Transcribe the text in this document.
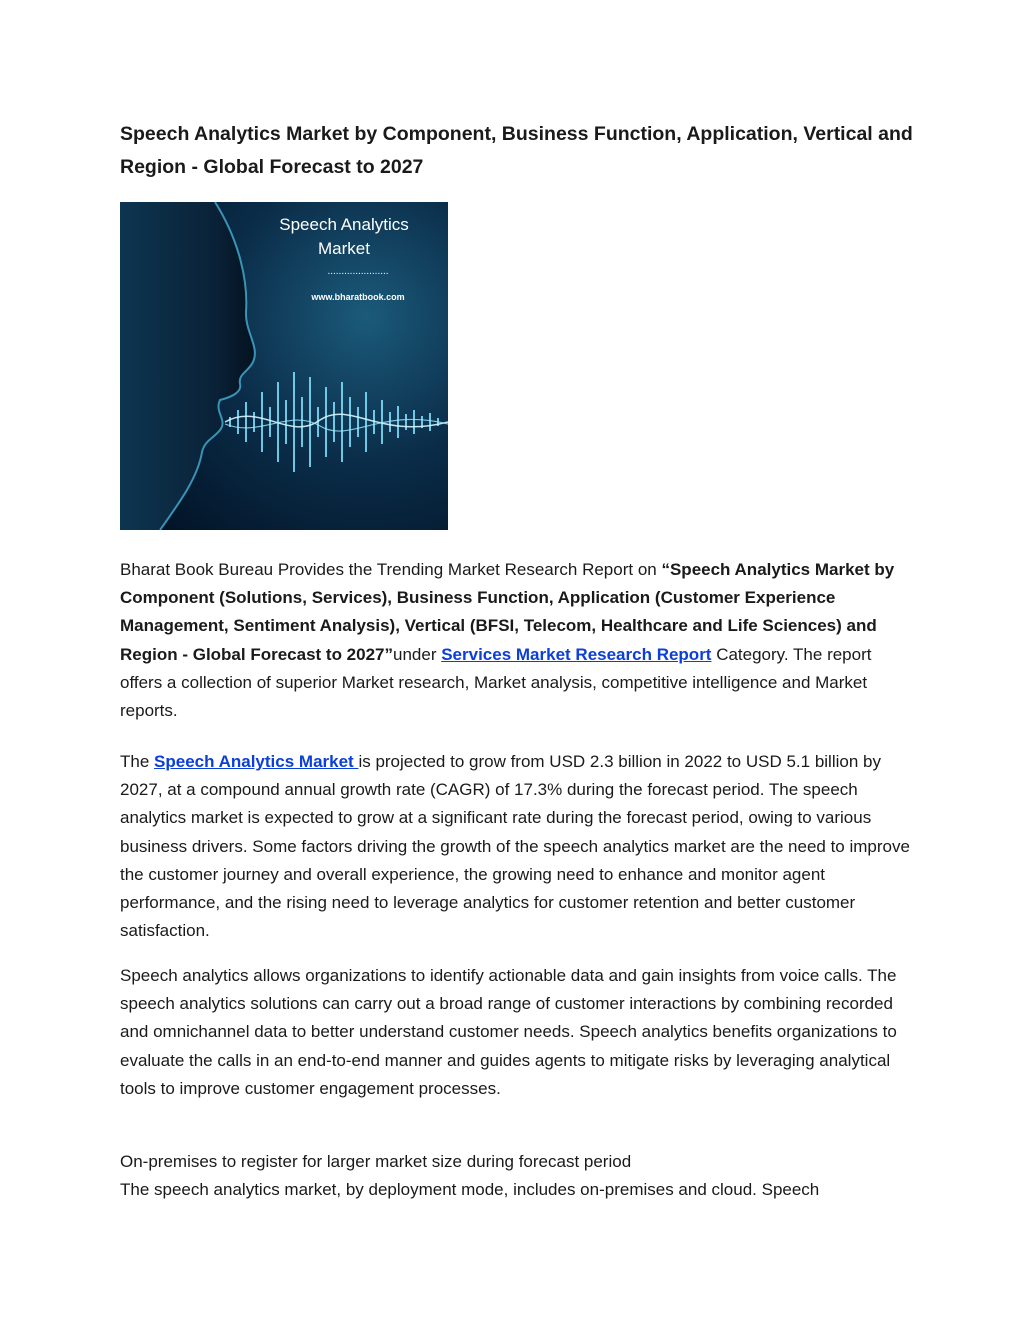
Speech Analytics Market by Component, Business Function, Application, Vertical and Region - Global Forecast to 2027
Speech Analytics
Market
......................
www.bharatbook.com

Bharat Book Bureau Provides the Trending Market Research Report on “Speech Analytics Market by Component (Solutions, Services), Business Function, Application (Customer Experience Management, Sentiment Analysis), Vertical (BFSI, Telecom, Healthcare and Life Sciences) and Region - Global Forecast to 2027”under Services Market Research Report Category. The report offers a collection of superior Market research, Market analysis, competitive intelligence and Market reports.

The Speech Analytics Market is projected to grow from USD 2.3 billion in 2022 to USD 5.1 billion by 2027, at a compound annual growth rate (CAGR) of 17.3% during the forecast period. The speech analytics market is expected to grow at a significant rate during the forecast period, owing to various business drivers. Some factors driving the growth of the speech analytics market are the need to improve the customer journey and overall experience, the growing need to enhance and monitor agent performance, and the rising need to leverage analytics for customer retention and better customer satisfaction.

Speech analytics allows organizations to identify actionable data and gain insights from voice calls. The speech analytics solutions can carry out a broad range of customer interactions by combining recorded and omnichannel data to better understand customer needs. Speech analytics benefits organizations to evaluate the calls in an end-to-end manner and guides agents to mitigate risks by leveraging analytical tools to improve customer engagement processes.

On-premises to register for larger market size during forecast period
The speech analytics market, by deployment mode, includes on-premises and cloud. Speech
